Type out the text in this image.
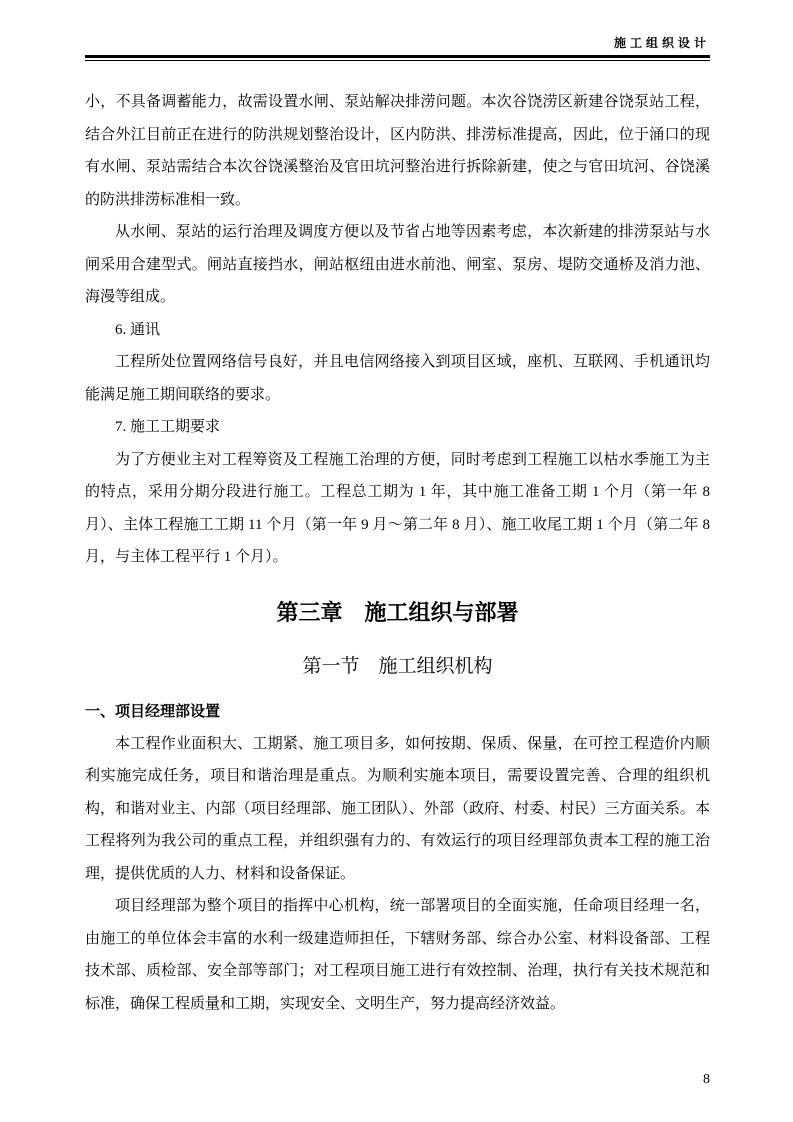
施工组织设计

小，不具备调蓄能力，故需设置水闸、泵站解决排涝问题。本次谷饶涝区新建谷饶泵站工程，结合外江目前正在进行的防洪规划整治设计，区内防洪、排涝标准提高，因此，位于涌口的现有水闸、泵站需结合本次谷饶溪整治及官田坑河整治进行拆除新建，使之与官田坑河、谷饶溪的防洪排涝标准相一致。

从水闸、泵站的运行治理及调度方便以及节省占地等因素考虑，本次新建的排涝泵站与水闸采用合建型式。闸站直接挡水，闸站枢纽由进水前池、闸室、泵房、堤防交通桥及消力池、海漫等组成。

6. 通讯

工程所处位置网络信号良好，并且电信网络接入到项目区域，座机、互联网、手机通讯均能满足施工期间联络的要求。

7. 施工工期要求

为了方便业主对工程筹资及工程施工治理的方便，同时考虑到工程施工以枯水季施工为主的特点，采用分期分段进行施工。工程总工期为 1 年，其中施工准备工期 1 个月（第一年 8 月）、主体工程施工工期 11 个月（第一年 9 月～第二年 8 月）、施工收尾工期 1 个月（第二年 8 月，与主体工程平行 1 个月）。

第三章　施工组织与部署

第一节　施工组织机构

一、项目经理部设置

本工程作业面积大、工期紧、施工项目多，如何按期、保质、保量，在可控工程造价内顺利实施完成任务，项目和谐治理是重点。为顺利实施本项目，需要设置完善、合理的组织机构，和谐对业主、内部（项目经理部、施工团队）、外部（政府、村委、村民）三方面关系。本工程将列为我公司的重点工程，并组织强有力的、有效运行的项目经理部负责本工程的施工治理，提供优质的人力、材料和设备保证。

项目经理部为整个项目的指挥中心机构，统一部署项目的全面实施，任命项目经理一名，由施工的单位体会丰富的水利一级建造师担任，下辖财务部、综合办公室、材料设备部、工程技术部、质检部、安全部等部门；对工程项目施工进行有效控制、治理，执行有关技术规范和标准，确保工程质量和工期，实现安全、文明生产，努力提高经济效益。

8
